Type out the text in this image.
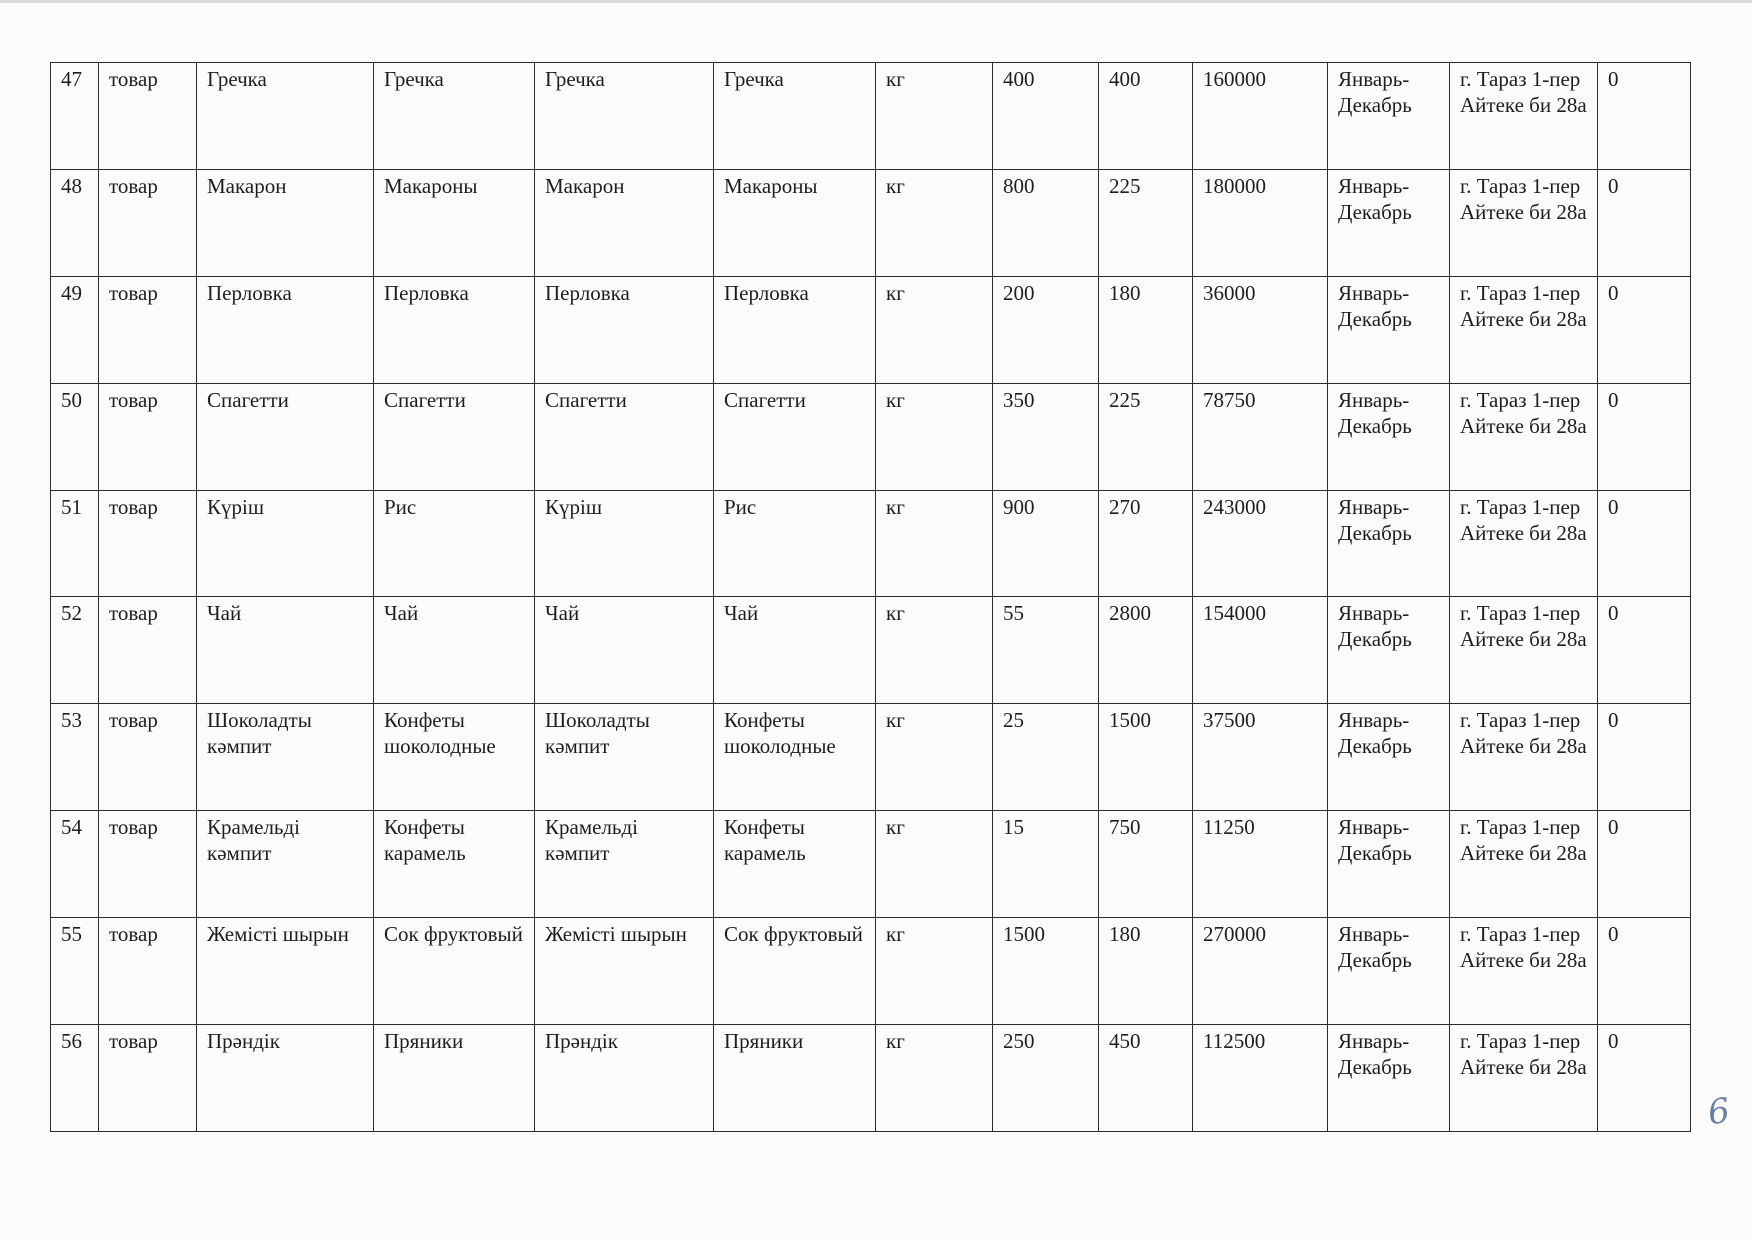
47	товар	Гречка	Гречка	Гречка	Гречка	кг	400	400	160000	Январь-Декабрь	г. Тараз 1-пер Айтеке би 28а	0
48	товар	Макарон	Макароны	Макарон	Макароны	кг	800	225	180000	Январь-Декабрь	г. Тараз 1-пер Айтеке би 28а	0
49	товар	Перловка	Перловка	Перловка	Перловка	кг	200	180	36000	Январь-Декабрь	г. Тараз 1-пер Айтеке би 28а	0
50	товар	Спагетти	Спагетти	Спагетти	Спагетти	кг	350	225	78750	Январь-Декабрь	г. Тараз 1-пер Айтеке би 28а	0
51	товар	Күріш	Рис	Күріш	Рис	кг	900	270	243000	Январь-Декабрь	г. Тараз 1-пер Айтеке би 28а	0
52	товар	Чай	Чай	Чай	Чай	кг	55	2800	154000	Январь-Декабрь	г. Тараз 1-пер Айтеке би 28а	0
53	товар	Шоколадты кәмпит	Конфеты шоколодные	Шоколадты кәмпит	Конфеты шоколодные	кг	25	1500	37500	Январь-Декабрь	г. Тараз 1-пер Айтеке би 28а	0
54	товар	Крамельді кәмпит	Конфеты карамель	Крамельді кәмпит	Конфеты карамель	кг	15	750	11250	Январь-Декабрь	г. Тараз 1-пер Айтеке би 28а	0
55	товар	Жемісті шырын	Сок фруктовый	Жемісті шырын	Сок фруктовый	кг	1500	180	270000	Январь-Декабрь	г. Тараз 1-пер Айтеке би 28а	0
56	товар	Прәндік	Пряники	Прәндік	Пряники	кг	250	450	112500	Январь-Декабрь	г. Тараз 1-пер Айтеке би 28а	0
6
